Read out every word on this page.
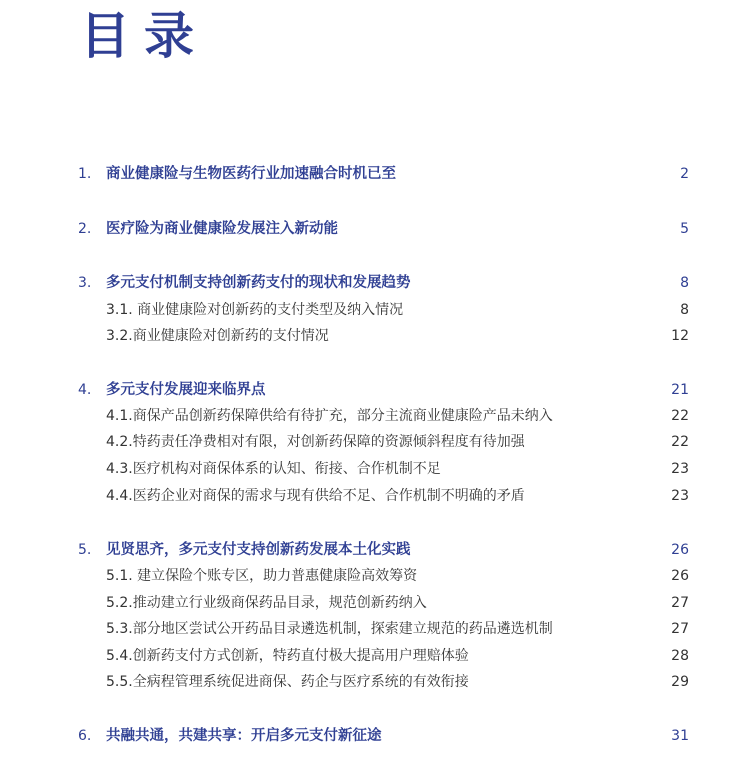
目录
1. 商业健康险与生物医药行业加速融合时机已至	2
2. 医疗险为商业健康险发展注入新动能	5
3. 多元支付机制支持创新药支付的现状和发展趋势	8
3.1. 商业健康险对创新药的支付类型及纳入情况	8
3.2.商业健康险对创新药的支付情况	12
4. 多元支付发展迎来临界点	21
4.1.商保产品创新药保障供给有待扩充，部分主流商业健康险产品未纳入	22
4.2.特药责任净费相对有限，对创新药保障的资源倾斜程度有待加强	22
4.3.医疗机构对商保体系的认知、衔接、合作机制不足	23
4.4.医药企业对商保的需求与现有供给不足、合作机制不明确的矛盾	23
5. 见贤思齐，多元支付支持创新药发展本土化实践	26
5.1. 建立保险个账专区，助力普惠健康险高效筹资	26
5.2.推动建立行业级商保药品目录，规范创新药纳入	27
5.3.部分地区尝试公开药品目录遴选机制，探索建立规范的药品遴选机制	27
5.4.创新药支付方式创新，特药直付极大提高用户理赔体验	28
5.5.全病程管理系统促进商保、药企与医疗系统的有效衔接	29
6. 共融共通，共建共享：开启多元支付新征途	31
